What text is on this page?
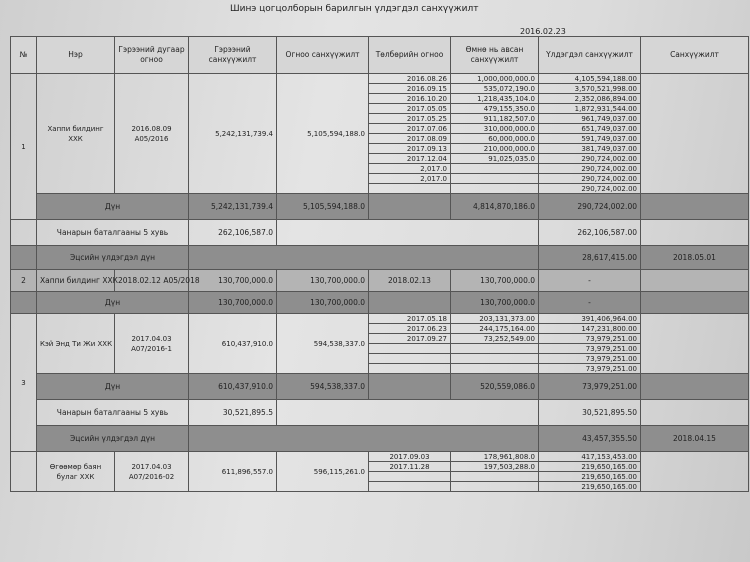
Шинэ цогцолборын барилгын үлдэгдэл санхүүжилт
2016.02.23
№	Нэр	Гэрээний дугаар огноо	Гэрээний санхүүжилт	Огноо санхүүжилт	Төлбөрийн огноо	Өмнө нь авсан санхүүжилт	Үлдэгдэл санхүүжилт	Санхүүжилт
1	Хаппи билдинг ХХК	2016.08.09 А05/2016	5,242,131,739.4	5,105,594,188.0	2016.08.26	1,000,000,000.0	4,105,594,188.00	
					2016.09.15	535,072,190.0	3,570,521,998.00	
					2016.10.20	1,218,435,104.0	2,352,086,894.00	
					2017.05.05	479,155,350.0	1,872,931,544.00	
					2017.05.25	911,182,507.0	961,749,037.00	
					2017.07.06	310,000,000.0	651,749,037.00	
					2017.08.09	60,000,000.0	591,749,037.00	
					2017.09.13	210,000,000.0	381,749,037.00	
					2017.12.04	91,025,035.0	290,724,002.00	
					2,017.0		290,724,002.00	
					2,017.0		290,724,002.00	
							290,724,002.00	
	Дүн		5,242,131,739.4	5,105,594,188.0		4,814,870,186.0	290,724,002.00	
	Чанарын баталгааны 5 хувь		262,106,587.0				262,106,587.00	
	Эцсийн үлдэгдэл дүн						28,617,415.00	2018.05.01
2	Хаппи билдинг ХХК	2018.02.12 А05/2018	130,700,000.0	130,700,000.0	2018.02.13	130,700,000.0	-	
	Дүн		130,700,000.0	130,700,000.0		130,700,000.0	-	
3	Кэй Энд Ти Жи ХХК	2017.04.03 А07/2016-1	610,437,910.0	594,538,337.0	2017.05.18	203,131,373.00	391,406,964.00	
					2017.06.23	244,175,164.00	147,231,800.00	
					2017.09.27	73,252,549.00	73,979,251.00	
							73,979,251.00	
							73,979,251.00	
							73,979,251.00	
	Дүн		610,437,910.0	594,538,337.0		520,559,086.0	73,979,251.00	
	Чанарын баталгааны 5 хувь		30,521,895.5				30,521,895.50	
	Эцсийн үлдэгдэл дүн						43,457,355.50	2018.04.15
	Өгөөмөр баян булаг ХХК	2017.04.03 А07/2016-02	611,896,557.0	596,115,261.0	2017.09.03	178,961,808.0	417,153,453.00	
					2017.11.28	197,503,288.0	219,650,165.00	
							219,650,165.00	
							219,650,165.00	
